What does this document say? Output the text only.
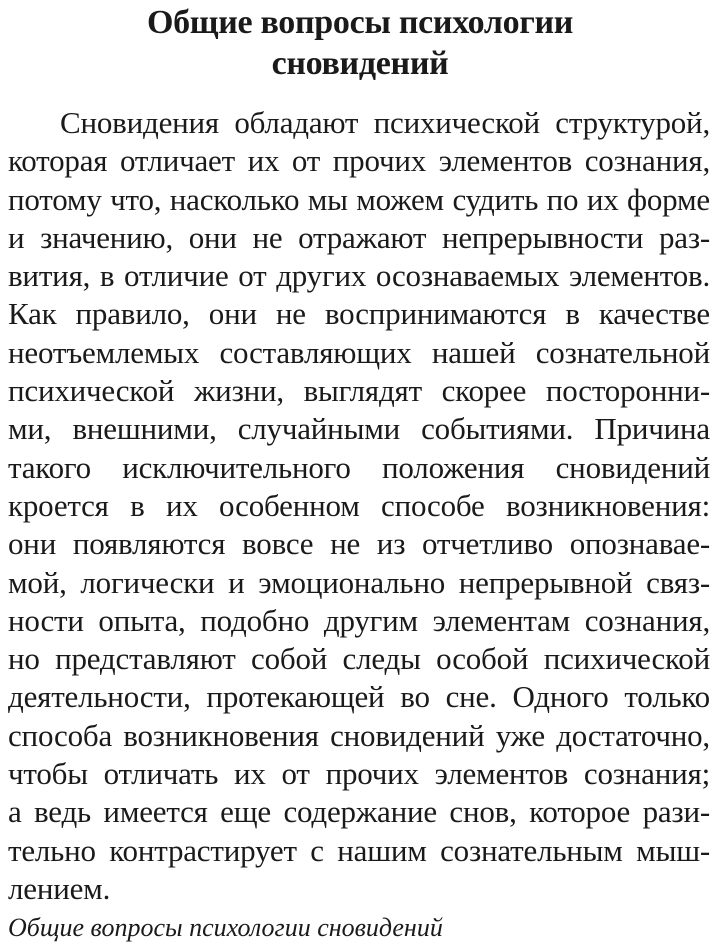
Общие вопросы психологии
сновидений
Сновидения обладают психической структурой,
которая отличает их от прочих элементов сознания,
потому что, насколько мы можем судить по их форме
и значению, они не отражают непрерывности раз-
вития, в отличие от других осознаваемых элементов.
Как правило, они не воспринимаются в качестве
неотъемлемых составляющих нашей сознательной
психической жизни, выглядят скорее посторонни-
ми, внешними, случайными событиями. Причина
такого исключительного положения сновидений
кроется в их особенном способе возникновения:
они появляются вовсе не из отчетливо опознавае-
мой, логически и эмоционально непрерывной связ-
ности опыта, подобно другим элементам сознания,
но представляют собой следы особой психической
деятельности, протекающей во сне. Одного только
способа возникновения сновидений уже достаточно,
чтобы отличать их от прочих элементов сознания;
а ведь имеется еще содержание снов, которое рази-
тельно контрастирует с нашим сознательным мыш-
лением.
Общие вопросы психологии сновидений
